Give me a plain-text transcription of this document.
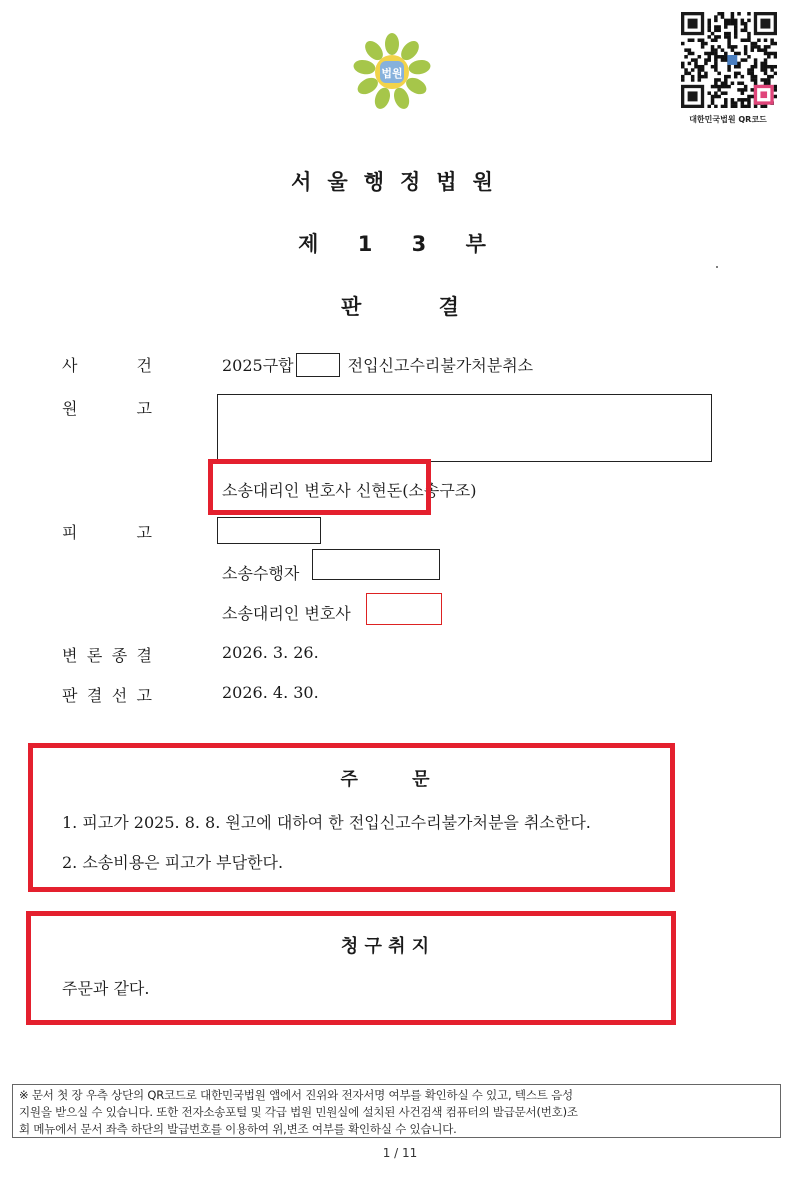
법원
대한민국법원 QR코드
서울행정법원
제 1 3 부
판 결
사	건	2025구합	전입신고수리불가처분취소
원	고
소송대리인 변호사 신현돈(소송구조)
피	고
소송수행자
소송대리인 변호사
변 론 종 결	2026. 3. 26.
판 결 선 고	2026. 4. 30.
주 문
1. 피고가 2025. 8. 8. 원고에 대하여 한 전입신고수리불가처분을 취소한다.
2. 소송비용은 피고가 부담한다.
청 구 취 지
주문과 같다.
※ 문서 첫 장 우측 상단의 QR코드로 대한민국법원 앱에서 진위와 전자서명 여부를 확인하실 수 있고, 텍스트 음성
지원을 받으실 수 있습니다. 또한 전자소송포털 및 각급 법원 민원실에 설치된 사건검색 컴퓨터의 발급문서(번호)조
회 메뉴에서 문서 좌측 하단의 발급번호를 이용하여 위,변조 여부를 확인하실 수 있습니다.
1 / 11
